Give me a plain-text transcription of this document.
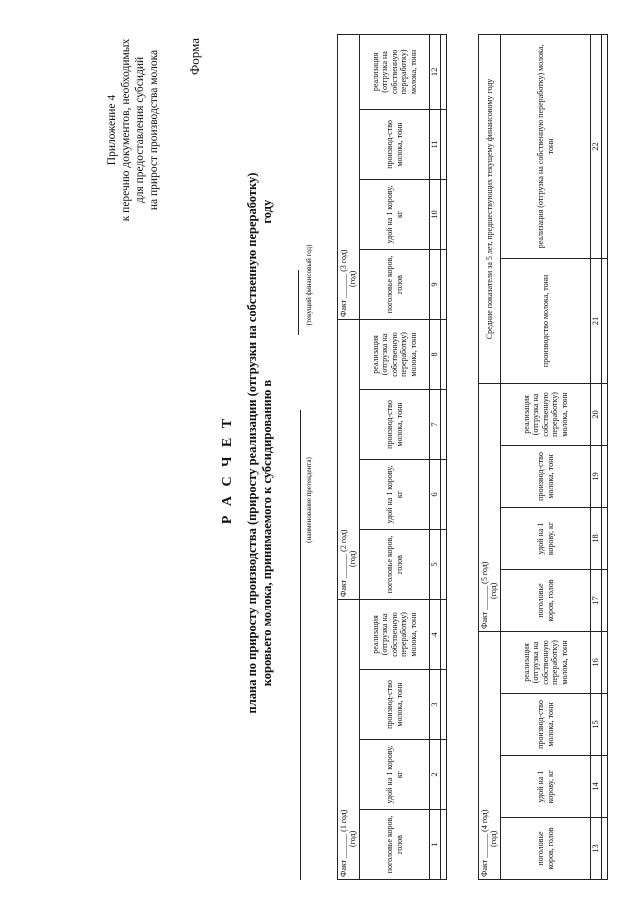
Приложение 4 к перечню документов, необходимых для предоставления субсидий на прирост производства молока Форма
Р А С Ч Е Т плана по приросту производства (приросту реализации (отгрузки на собственную переработку) коровьего молока, принимаемого к субсидированию в  году
(текущий финансовый год)
(наименование претендента)
Факт ______ (1 год)
(год)				Факт ______ (2 год)
(год)				Факт ______ (3 год)
(год)			
поголовье коров, голов	удой на 1 корову, кг	производ-ство молока, тонн	реализация (отгрузка на собственную переработку) молока, тонн	поголовье коров, голов	удой на 1 корову, кг	производ-ство молока, тонн	реализация (отгрузка на собственную переработку) молока, тонн	поголовье коров, голов	удой на 1 корову, кг	производ-ство молока, тонн	реализация (отгрузка на собственную переработку) молока, тонн
1	2	3	4	5	6	7	8	9	10	11	12

Факт ______ (4 год)
(год)				Факт ______ (5 год)
(год)				Средние показатели за 5 лет, предшествующих текущему финансовому году	
поголовье коров, голов	удой на 1 корову, кг	производ-ство молока, тонн	реализация (отгрузка на собственную переработку) молока, тонн	поголовье коров, голов	удой на 1 корову, кг	производ-ство молока, тонн	реализация (отгрузка на собственную переработку) молока, тонн	производство молока, тонн	реализация (отгрузка на собственную переработку) молока, тонн
13	14	15	16	17	18	19	20	21	22
